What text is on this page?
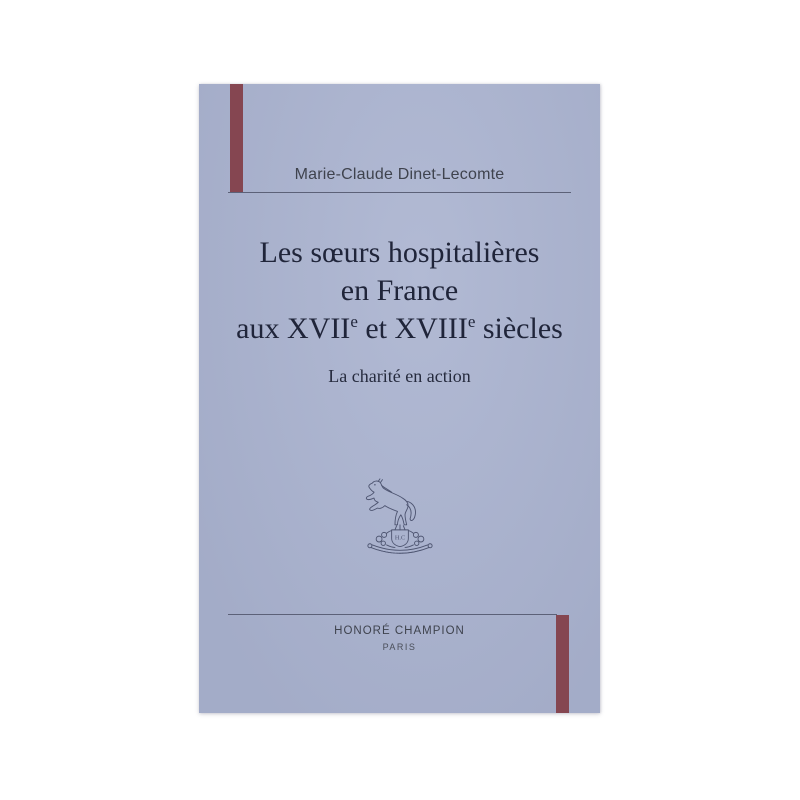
Marie-Claude Dinet-Lecomte
Les sœurs hospitalières
en France
aux XVIIe et XVIIIe siècles
La charité en action
H.C
HONORÉ CHAMPION
PARIS
